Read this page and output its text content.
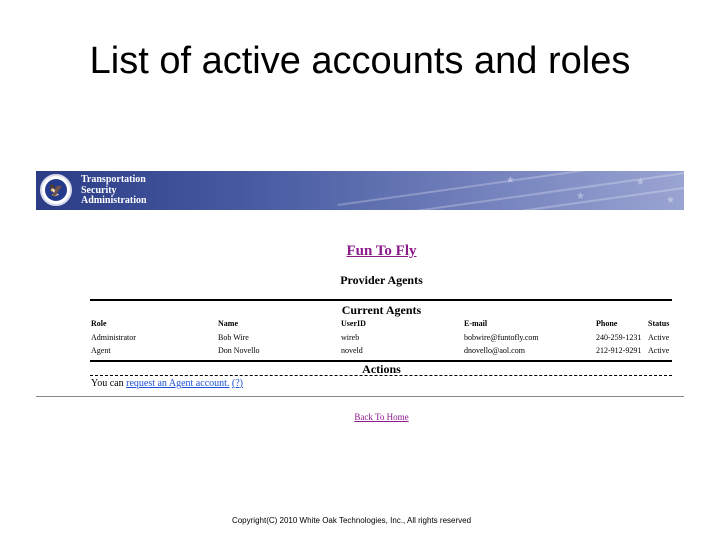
List of active accounts and roles
★
★
★
★
🦅
Transportation
Security
Administration
Fun To Fly
Provider Agents
Current Agents
Role	Name	UserID	E-mail	Phone	Status
Administrator	Bob Wire	wireb	bobwire@funtofly.com	240-259-1231 Active
Agent	Don Novello	noveld	dnovello@aol.com	212-912-9291 Active
Actions
You can request an Agent account. (?)
Back To Home
Copyright(C) 2010 White Oak Technologies, Inc., All rights reserved
